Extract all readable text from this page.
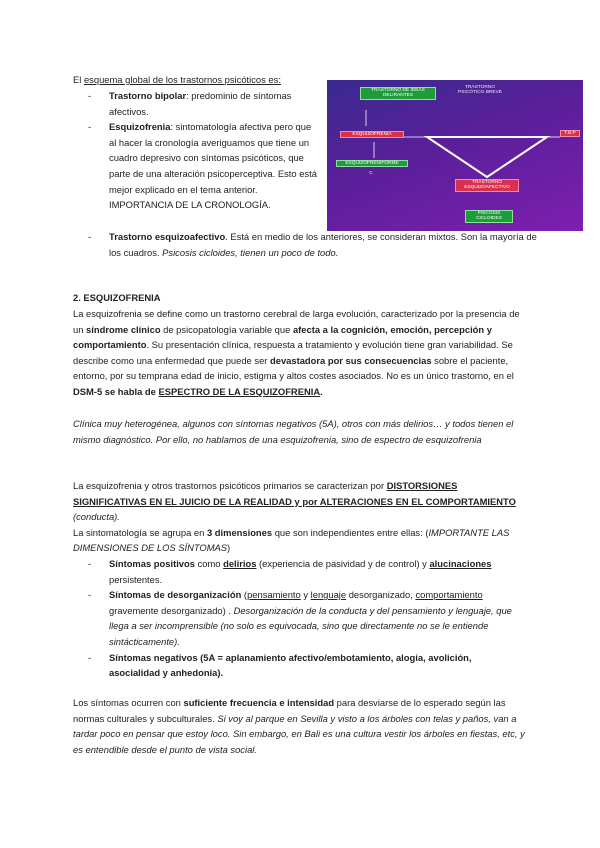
El esquema global de los trastornos psicóticos es:
- Trastorno bipolar: predominio de síntomas afectivos.
- Esquizofrenia: sintomatología afectiva pero que al hacer la cronología averiguamos que tiene un cuadro depresivo con síntomas psicóticos, que parte de una alteración psicoperceptiva. Esto está mejor explicado en el tema anterior. IMPORTANCIA DE LA CRONOLOGÍA.
- Trastorno esquizoafectivo. Está en medio de los anteriores, se consideran mixtos. Son la mayoría de los cuadros. Psicosis cicloides, tienen un poco de todo.
TRASTORNO DE IDEAS DELIRANTES
TRASTORNO PSICÓTICO BREVE
ESQUIZOFRENIA
ESQUIZOFRENIFORME
C
T.B.P
TRASTORNO ESQUIZOAFECTIVO
PSICOSIS CICLOIDES
2. ESQUIZOFRENIA
La esquizofrenia se define como un trastorno cerebral de larga evolución, caracterizado por la presencia de un síndrome clínico de psicopatología variable que afecta a la cognición, emoción, percepción y comportamiento. Su presentación clínica, respuesta a tratamiento y evolución tiene gran variabilidad. Se describe como una enfermedad que puede ser devastadora por sus consecuencias sobre el paciente, entorno, por su temprana edad de inicio, estigma y altos costes asociados. No es un único trastorno, en el DSM-5 se habla de ESPECTRO DE LA ESQUIZOFRENIA.
Clínica muy heterogénea, algunos con síntomas negativos (5A), otros con más delirios… y todos tienen el mismo diagnóstico. Por ello, no hablamos de una esquizofrenia, sino de espectro de esquizofrenia
La esquizofrenia y otros trastornos psicóticos primarios se caracterizan por DISTORSIONES SIGNIFICATIVAS EN EL JUICIO DE LA REALIDAD y por ALTERACIONES EN EL COMPORTAMIENTO (conducta).
La sintomatología se agrupa en 3 dimensiones que son independientes entre ellas: (IMPORTANTE LAS DIMENSIONES DE LOS SÍNTOMAS)
- Síntomas positivos como delirios (experiencia de pasividad y de control) y alucinaciones persistentes.
- Síntomas de desorganización (pensamiento y lenguaje desorganizado, comportamiento gravemente desorganizado) . Desorganización de la conducta y del pensamiento y lenguaje, que llega a ser incomprensible (no solo es equivocada, sino que directamente no se le entiende sintácticamente).
- Síntomas negativos (5A = aplanamiento afectivo/embotamiento, alogia, avolición, asocialidad y anhedonia).
Los síntomas ocurren con suficiente frecuencia e intensidad para desviarse de lo esperado según las normas culturales y subculturales. Si voy al parque en Sevilla y visto a los árboles con telas y paños, van a tardar poco en pensar que estoy loco. Sin embargo, en Bali es una cultura vestir los árboles en fiestas, etc, y es entendible desde el punto de vista social.
